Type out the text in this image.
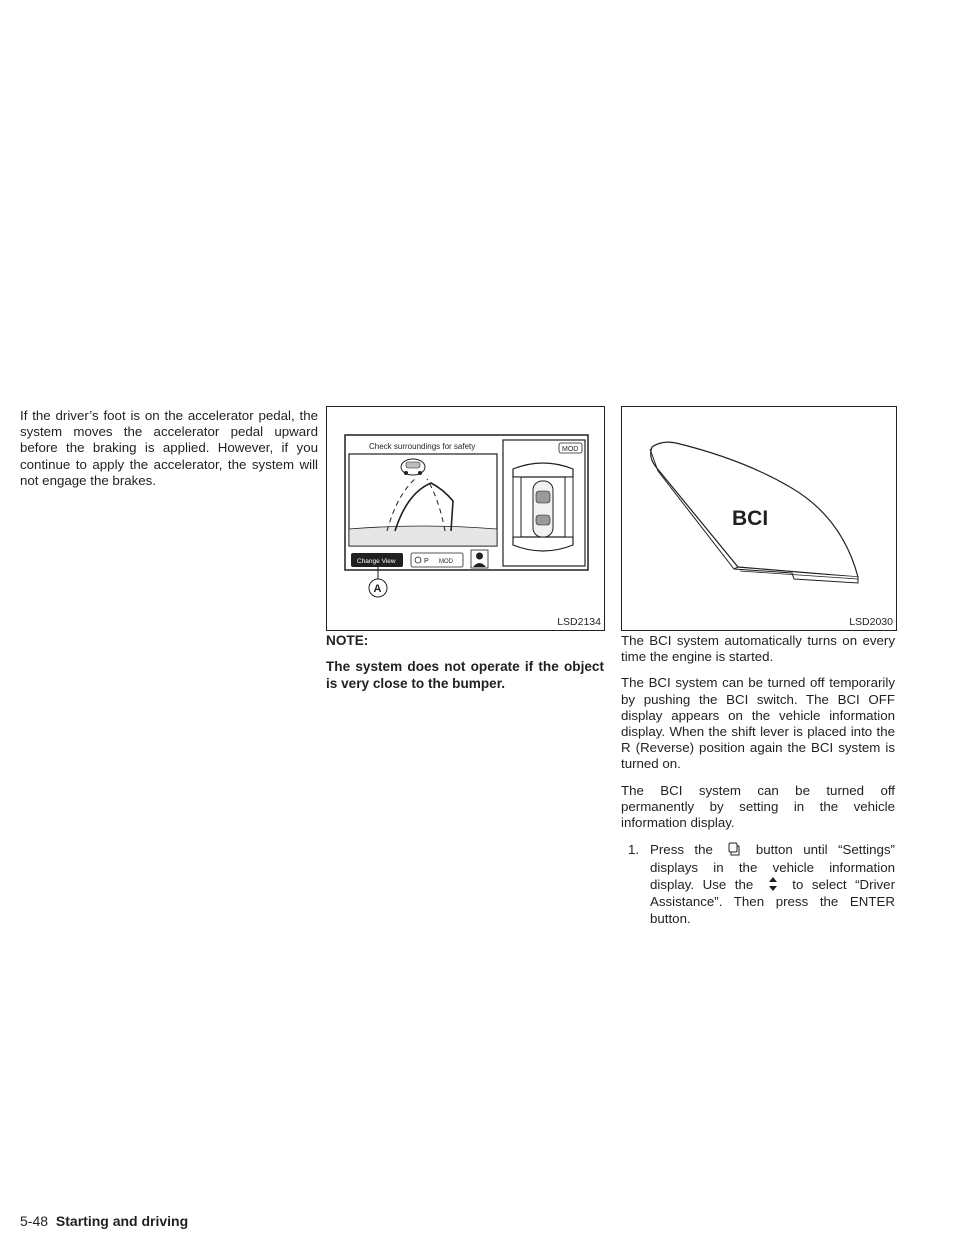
If the driver’s foot is on the accelerator pedal, the system moves the accelerator pedal upward before the braking is applied. However, if you continue to apply the accelerator, the system will not engage the brakes.

Check surroundings for safety	MOD
Change View	P MOD
A
LSD2134

NOTE:

The system does not operate if the object is very close to the bumper.

BCI
LSD2030

The BCI system automatically turns on every time the engine is started.

The BCI system can be turned off temporarily by pushing the BCI switch. The BCI OFF display appears on the vehicle information display. When the shift lever is placed into the R (Reverse) position again the BCI system is turned on.

The BCI system can be turned off permanently by setting in the vehicle information display.

1. Press the	button until “Settings” displays in the vehicle information display. Use the	to select “Driver Assistance”. Then press the ENTER button.
5-48 Starting and driving
